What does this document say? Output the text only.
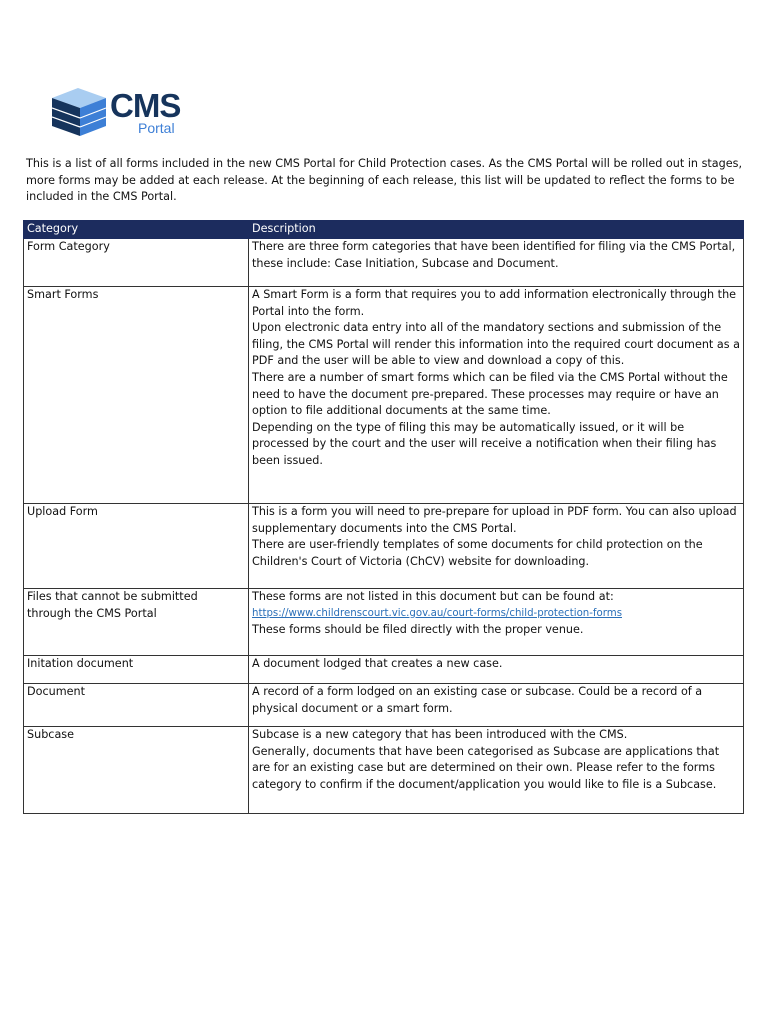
CMS
Portal

This is a list of all forms included in the new CMS Portal for Child Protection cases. As the CMS Portal will be rolled out in stages, more forms may be added at each release. At the beginning of each release, this list will be updated to reflect the forms to be included in the CMS Portal.

Category	Description
Form Category	There are three form categories that have been identified for filing via the CMS Portal, these include: Case Initiation, Subcase and Document.

Smart Forms	A Smart Form is a form that requires you to add information electronically through the Portal into the form.
Upon electronic data entry into all of the mandatory sections and submission of the filing, the CMS Portal will render this information into the required court document as a PDF and the user will be able to view and download a copy of this.
There are a number of smart forms which can be filed via the CMS Portal without the need to have the document pre-prepared. These processes may require or have an option to file additional documents at the same time.
Depending on the type of filing this may be automatically issued, or it will be processed by the court and the user will receive a notification when their filing has been issued.

Upload Form	This is a form you will need to pre-prepare for upload in PDF form. You can also upload supplementary documents into the CMS Portal.
There are user-friendly templates of some documents for child protection on the Children's Court of Victoria (ChCV) website for downloading.

Files that cannot be submitted through the CMS Portal	These forms are not listed in this document but can be found at:
https://www.childrenscourt.vic.gov.au/court-forms/child-protection-forms
These forms should be filed directly with the proper venue.

Initation document	A document lodged that creates a new case.

Document	A record of a form lodged on an existing case or subcase. Could be a record of a physical document or a smart form.

Subcase	Subcase is a new category that has been introduced with the CMS.
Generally, documents that have been categorised as Subcase are applications that are for an existing case but are determined on their own. Please refer to the forms category to confirm if the document/application you would like to file is a Subcase.
